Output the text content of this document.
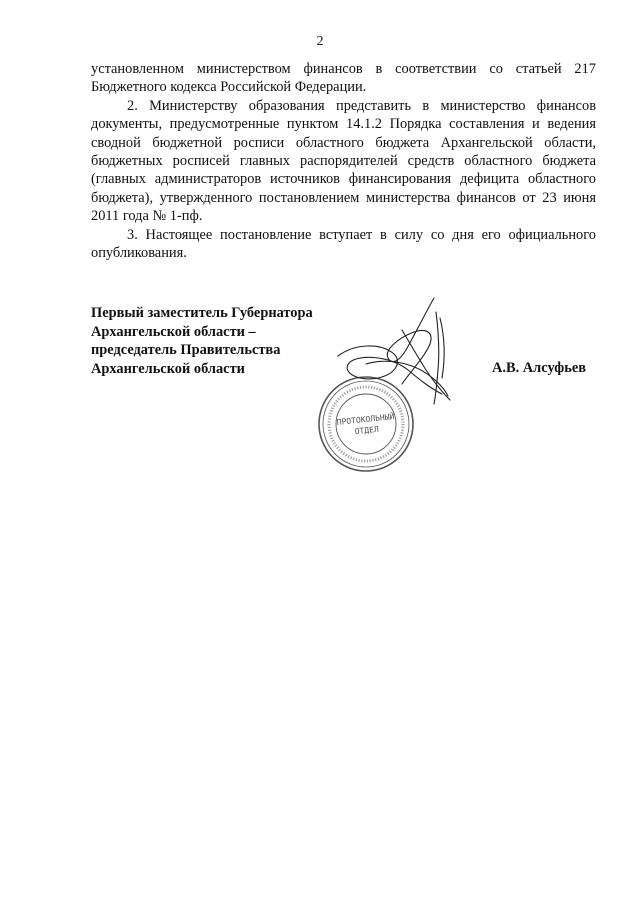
2

установленном министерством финансов в соответствии со статьей 217 Бюджетного кодекса Российской Федерации.

2. Министерству образования представить в министерство финансов документы, предусмотренные пунктом 14.1.2 Порядка составления и ведения сводной бюджетной росписи областного бюджета Архангельской области, бюджетных росписей главных распорядителей средств областного бюджета (главных администраторов источников финансирования дефицита областного бюджета), утвержденного постановлением министерства финансов от 23 июня 2011 года № 1-пф.

3. Настоящее постановление вступает в силу со дня его официального опубликования.

Первый заместитель Губернатора
Архангельской области –
председатель Правительства
Архангельской области	А.В. Алсуфьев
ПРОТОКОЛЬНЫЙ
ОТДЕЛ
